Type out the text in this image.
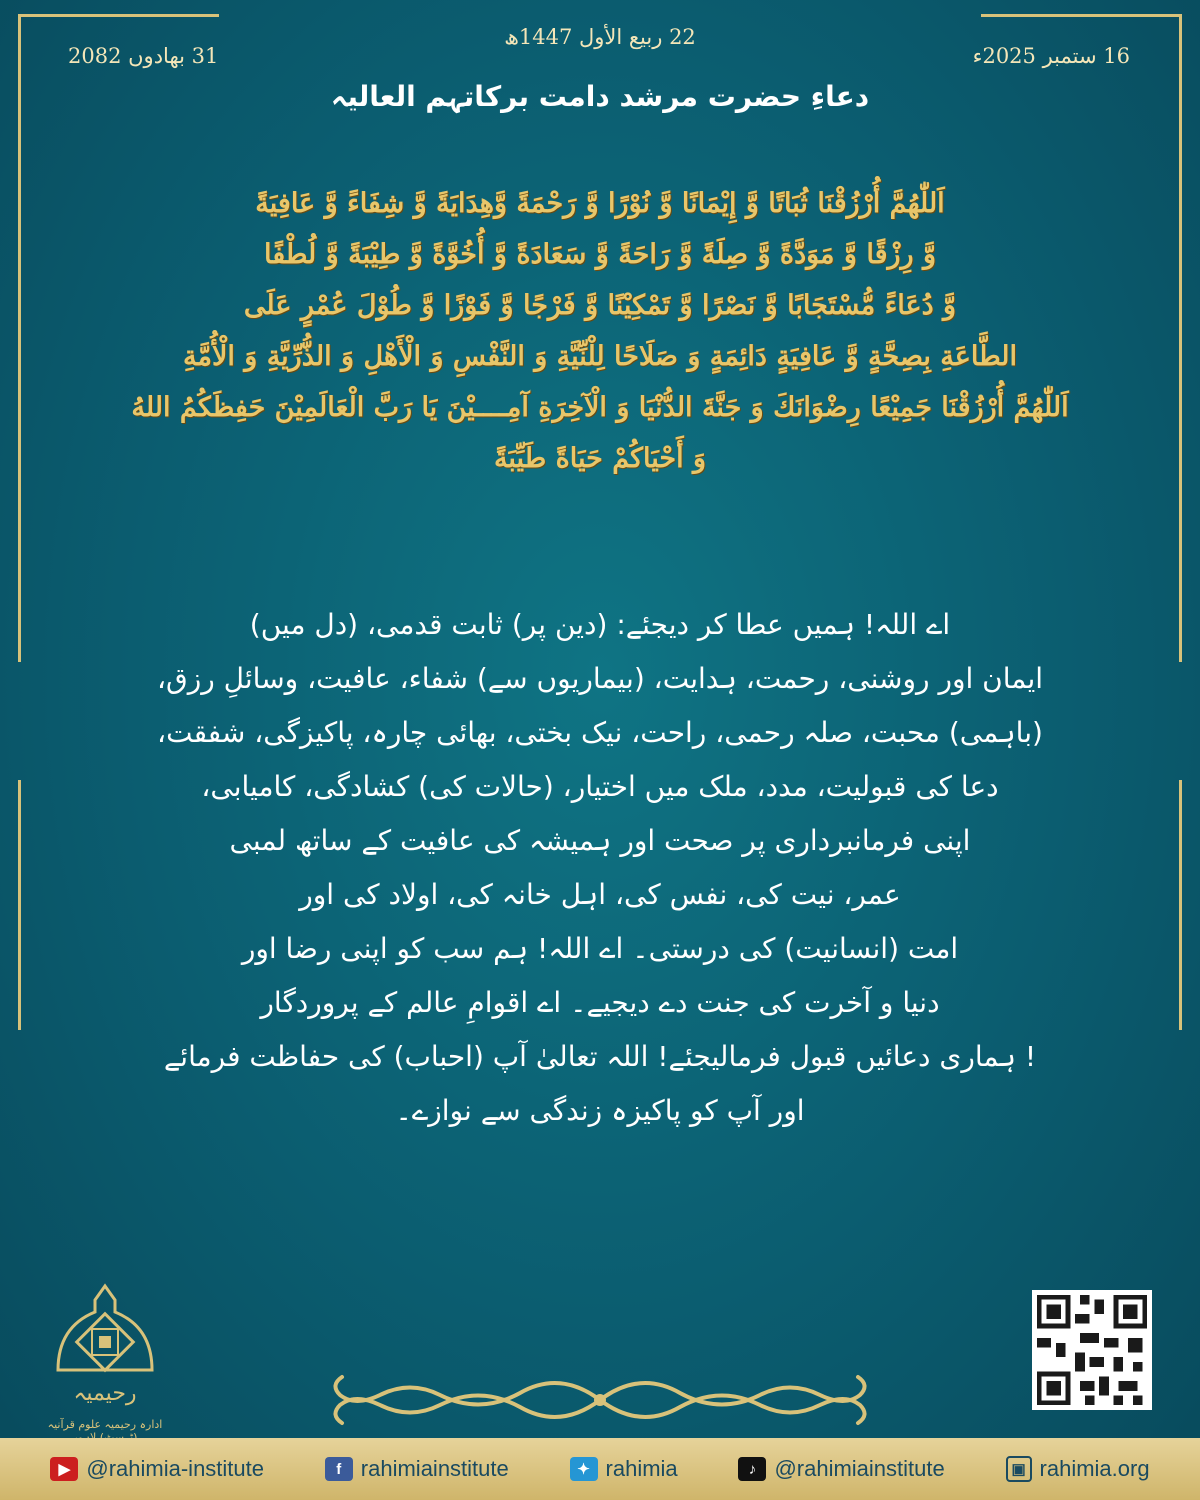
22 ربیع الأول 1447ھ
16 ستمبر 2025ء
31 بھادوں 2082
دعاءِ حضرت مرشد دامت برکاتہم العالیہ
اَللّٰهُمَّ أُرْزُقْنَا ثُبَاتًا وَّ إِيْمَانًا وَّ نُوْرًا وَّ رَحْمَةً وَّهِدَايَةً وَّ شِفَاءً وَّ عَافِيَةً
وَّ رِزْقًا وَّ مَوَدَّةً وَّ صِلَةً وَّ رَاحَةً وَّ سَعَادَةً وَّ أُخُوَّةً وَّ طِيْبَةً وَّ لُطْفًا
وَّ دُعَاءً مُّسْتَجَابًا وَّ نَصْرًا وَّ تَمْكِيْنًا وَّ فَرْجًا وَّ فَوْزًا وَّ طُوْلَ عُمْرٍ عَلَى
الطَّاعَةِ بِصِحَّةٍ وَّ عَافِيَةٍ دَائِمَةٍ وَ صَلَاحًا لِلْنِّيَّةِ وَ النَّفْسِ وَ الْأَهْلِ وَ الذُّرِّيَّةِ وَ الْأُمَّةِ
اَللّٰهُمَّ أُرْزُقْنَا جَمِيْعًا رِضْوَانَكَ وَ جَنَّةَ الدُّنْيَا وَ الْآخِرَةِ آمِــــيْنَ يَا رَبَّ الْعَالَمِيْنَ حَفِظَكُمُ اللهُ
وَ أَحْيَاكُمْ حَيَاةً طَيِّبَةً
اے اللہ! ہمیں عطا کر دیجئے: (دین پر) ثابت قدمی، (دل میں)
ایمان اور روشنی، رحمت، ہدایت، (بیماریوں سے) شفاء، عافیت، وسائلِ رزق،
(باہمی) محبت، صلہ رحمی، راحت، نیک بختی، بھائی چارہ، پاکیزگی، شفقت،
دعا کی قبولیت، مدد، ملک میں اختیار، (حالات کی) کشادگی، کامیابی،
اپنی فرمانبرداری پر صحت اور ہمیشہ کی عافیت کے ساتھ لمبی
عمر، نیت کی، نفس کی، اہل خانہ کی، اولاد کی اور
امت (انسانیت) کی درستی۔ اے اللہ! ہم سب کو اپنی رضا اور
دنیا و آخرت کی جنت دے دیجیے۔ اے اقوامِ عالم کے پروردگار
! ہماری دعائیں قبول فرمالیجئے! اللہ تعالیٰ آپ (احباب) کی حفاظت فرمائے
اور آپ کو پاکیزہ زندگی سے نوازے۔
رحیمیہ
ادارہ رحیمیہ علوم قرآنیہ
▶ @rahimia-institute	f rahimiainstitute	✦ rahimia	♪ @rahimiainstitute	▣ rahimia.org
